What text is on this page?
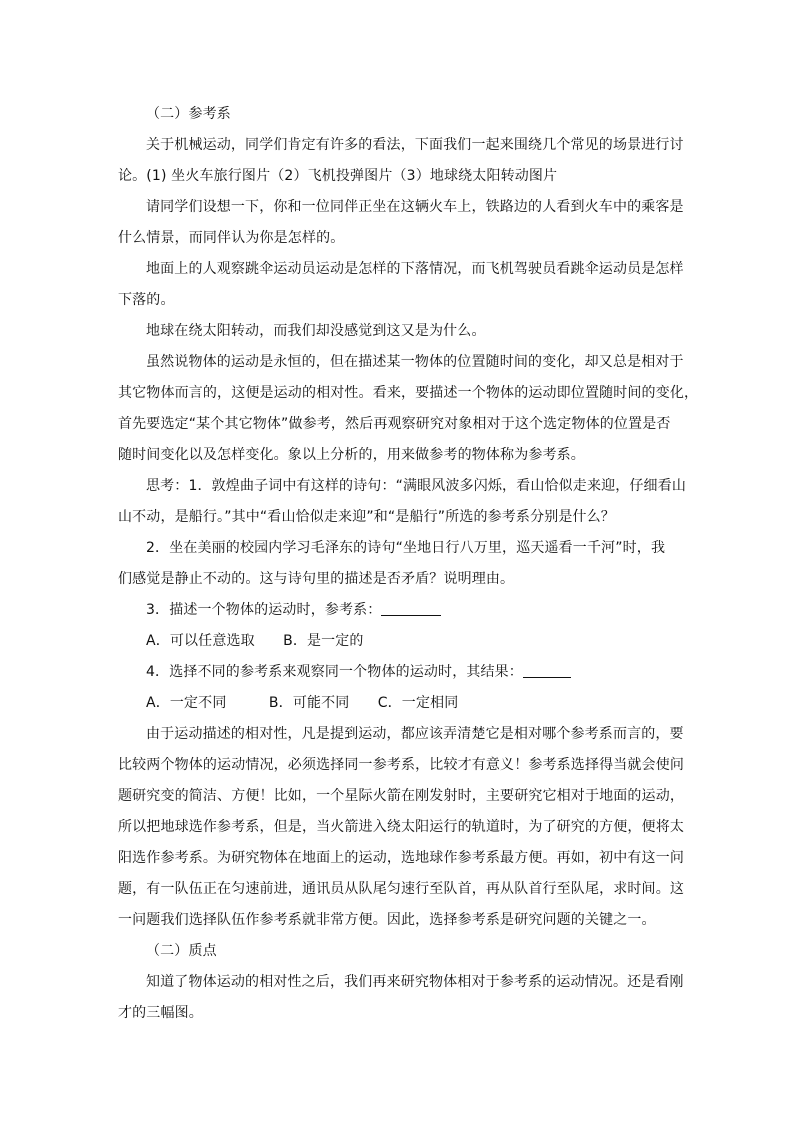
（二）参考系
关于机械运动，同学们肯定有许多的看法，下面我们一起来围绕几个常见的场景进行讨
论。(1) 坐火车旅行图片（2）飞机投弹图片（3）地球绕太阳转动图片
请同学们设想一下，你和一位同伴正坐在这辆火车上，铁路边的人看到火车中的乘客是
什么情景，而同伴认为你是怎样的。
地面上的人观察跳伞运动员运动是怎样的下落情况，而飞机驾驶员看跳伞运动员是怎样
下落的。
地球在绕太阳转动，而我们却没感觉到这又是为什么。
虽然说物体的运动是永恒的，但在描述某一物体的位置随时间的变化，却又总是相对于
其它物体而言的，这便是运动的相对性。看来，要描述一个物体的运动即位置随时间的变化，
首先要选定“某个其它物体”做参考，然后再观察研究对象相对于这个选定物体的位置是否
随时间变化以及怎样变化。象以上分析的，用来做参考的物体称为参考系。
思考：1．敦煌曲子词中有这样的诗句：“满眼风波多闪烁，看山恰似走来迎，仔细看山
山不动，是船行。”其中“看山恰似走来迎”和“是船行”所选的参考系分别是什么？
2．坐在美丽的校园内学习毛泽东的诗句“坐地日行八万里，巡天遥看一千河”时，我
们感觉是静止不动的。这与诗句里的描述是否矛盾？说明理由。
3．描述一个物体的运动时，参考系：
A．可以任意选取　　B．是一定的
4．选择不同的参考系来观察同一个物体的运动时，其结果：
A．一定不同　　　B．可能不同　　C．一定相同
由于运动描述的相对性，凡是提到运动，都应该弄清楚它是相对哪个参考系而言的，要
比较两个物体的运动情况，必须选择同一参考系，比较才有意义！参考系选择得当就会使问
题研究变的简洁、方便！比如，一个星际火箭在刚发射时，主要研究它相对于地面的运动，
所以把地球选作参考系，但是，当火箭进入绕太阳运行的轨道时，为了研究的方便，便将太
阳选作参考系。为研究物体在地面上的运动，选地球作参考系最方便。再如，初中有这一问
题，有一队伍正在匀速前进，通讯员从队尾匀速行至队首，再从队首行至队尾，求时间。这
一问题我们选择队伍作参考系就非常方便。因此，选择参考系是研究问题的关键之一。
（二）质点
知道了物体运动的相对性之后，我们再来研究物体相对于参考系的运动情况。还是看刚
才的三幅图。
